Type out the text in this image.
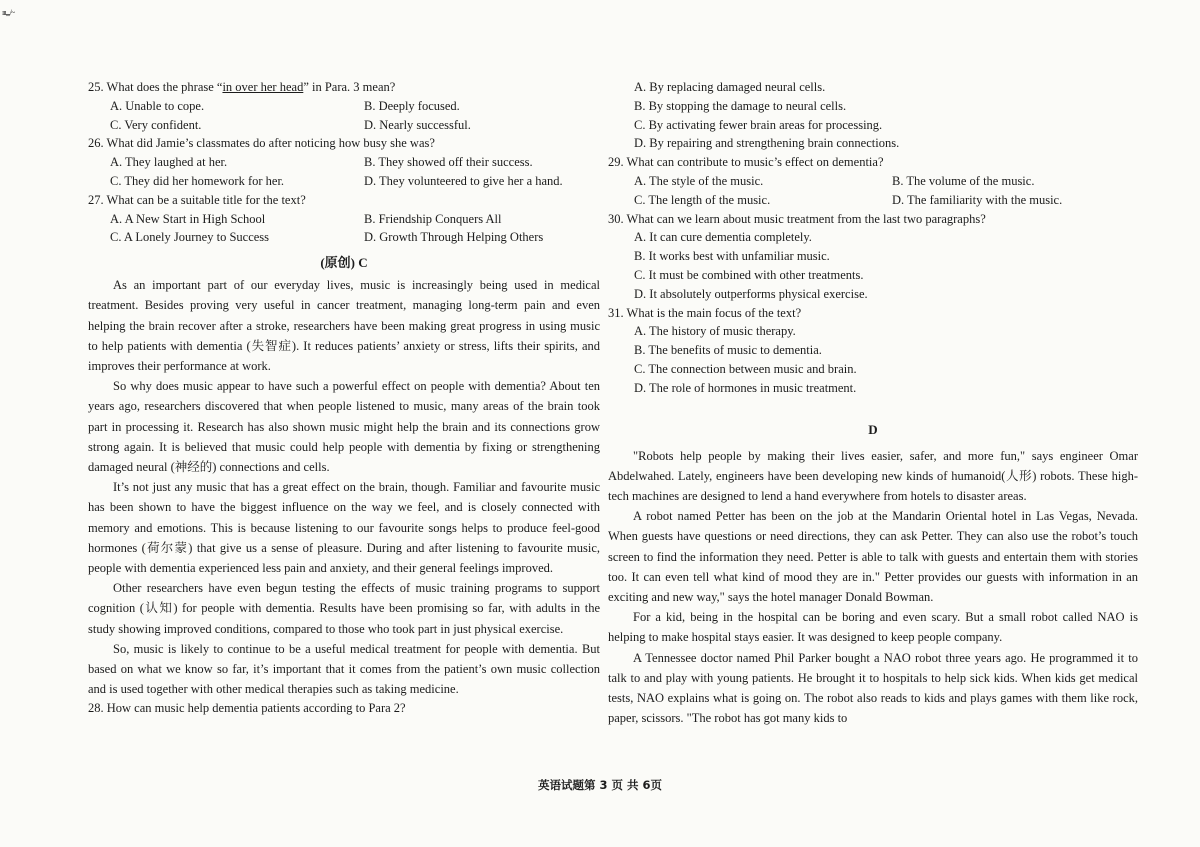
ııı,,,,/~
25. What does the phrase “in over her head” in Para. 3 mean?
A. Unable to cope.	B. Deeply focused.
C. Very confident.	D. Nearly successful.
26. What did Jamie’s classmates do after noticing how busy she was?
A. They laughed at her.	B. They showed off their success.
C. They did her homework for her.	D. They volunteered to give her a hand.
27. What can be a suitable title for the text?
A. A New Start in High School	B. Friendship Conquers All
C. A Lonely Journey to Success	D. Growth Through Helping Others
(原创) C

As an important part of our everyday lives, music is increasingly being used in medical treatment. Besides proving very useful in cancer treatment, managing long-term pain and even helping the brain recover after a stroke, researchers have been making great progress in using music to help patients with dementia (失智症). It reduces patients’ anxiety or stress, lifts their spirits, and improves their performance at work.

So why does music appear to have such a powerful effect on people with dementia? About ten years ago, researchers discovered that when people listened to music, many areas of the brain took part in processing it. Research has also shown music might help the brain and its connections grow strong again. It is believed that music could help people with dementia by fixing or strengthening damaged neural (神经的) connections and cells.

It’s not just any music that has a great effect on the brain, though. Familiar and favourite music has been shown to have the biggest influence on the way we feel, and is closely connected with memory and emotions. This is because listening to our favourite songs helps to produce feel-good hormones (荷尔蒙) that give us a sense of pleasure. During and after listening to favourite music, people with dementia experienced less pain and anxiety, and their general feelings improved.

Other researchers have even begun testing the effects of music training programs to support cognition (认知) for people with dementia. Results have been promising so far, with adults in the study showing improved conditions, compared to those who took part in just physical exercise.

So, music is likely to continue to be a useful medical treatment for people with dementia. But based on what we know so far, it’s important that it comes from the patient’s own music collection and is used together with other medical therapies such as taking medicine.

28. How can music help dementia patients according to Para 2?
A. By replacing damaged neural cells.
B. By stopping the damage to neural cells.
C. By activating fewer brain areas for processing.
D. By repairing and strengthening brain connections.
29. What can contribute to music’s effect on dementia?
A. The style of the music.	B. The volume of the music.
C. The length of the music.	D. The familiarity with the music.
30. What can we learn about music treatment from the last two paragraphs?
A. It can cure dementia completely.
B. It works best with unfamiliar music.
C. It must be combined with other treatments.
D. It absolutely outperforms physical exercise.
31. What is the main focus of the text?
A. The history of music therapy.
B. The benefits of music to dementia.
C. The connection between music and brain.
D. The role of hormones in music treatment.
D

"Robots help people by making their lives easier, safer, and more fun," says engineer Omar Abdelwahed. Lately, engineers have been developing new kinds of humanoid(人形) robots. These high-tech machines are designed to lend a hand everywhere from hotels to disaster areas.

A robot named Petter has been on the job at the Mandarin Oriental hotel in Las Vegas, Nevada. When guests have questions or need directions, they can ask Petter. They can also use the robot’s touch screen to find the information they need. Petter is able to talk with guests and entertain them with stories too. It can even tell what kind of mood they are in." Petter provides our guests with information in an exciting and new way," says the hotel manager Donald Bowman.

For a kid, being in the hospital can be boring and even scary. But a small robot called NAO is helping to make hospital stays easier. It was designed to keep people company.

A Tennessee doctor named Phil Parker bought a NAO robot three years ago. He programmed it to talk to and play with young patients. He brought it to hospitals to help sick kids. When kids get medical tests, NAO explains what is going on. The robot also reads to kids and plays games with them like rock, paper, scissors. "The robot has got many kids to

英语试题第 3 页 共 6页
